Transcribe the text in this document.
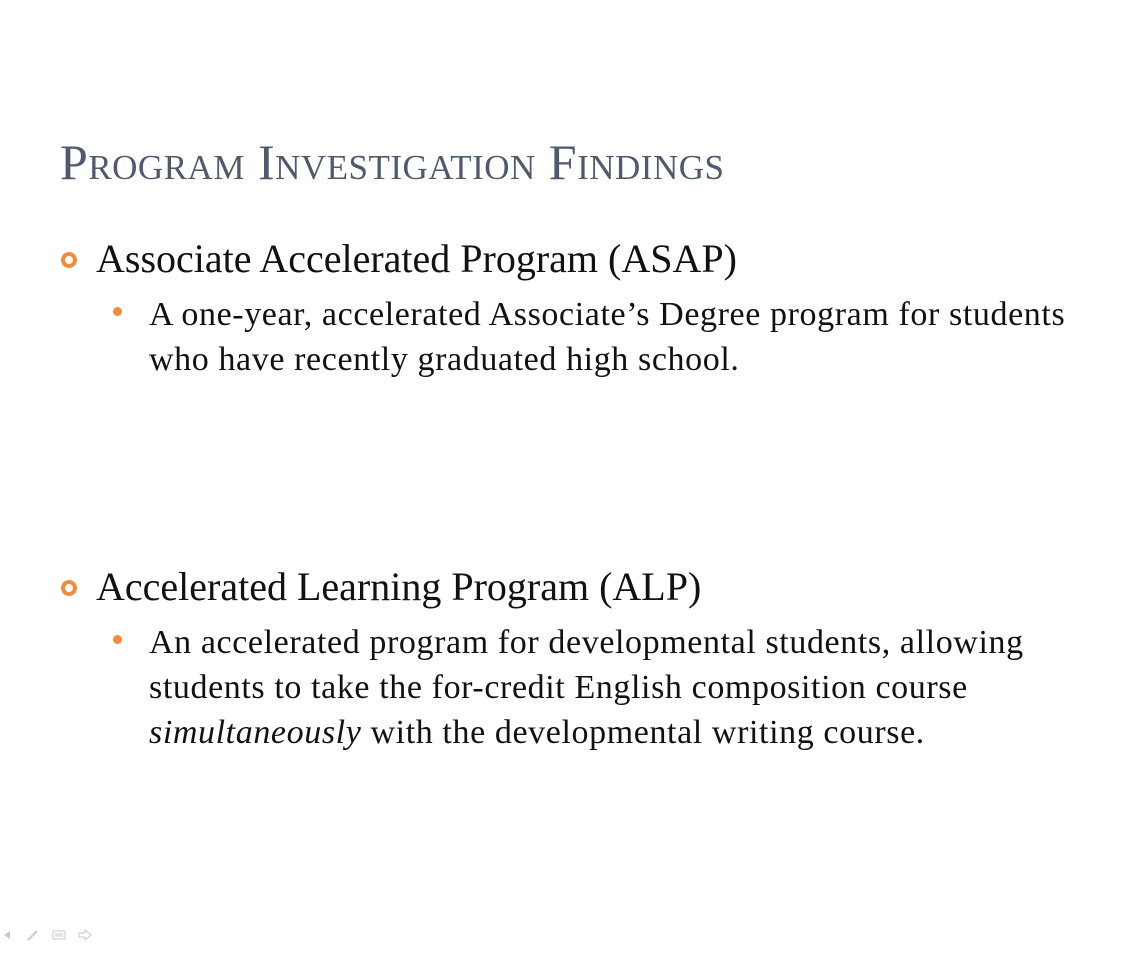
Program Investigation Findings
Associate Accelerated Program (ASAP)
A one-year, accelerated Associate’s Degree program for students who have recently graduated high school.
Accelerated Learning Program (ALP)
An accelerated program for developmental students, allowing students to take the for-credit English composition course simultaneously with the developmental writing course.
